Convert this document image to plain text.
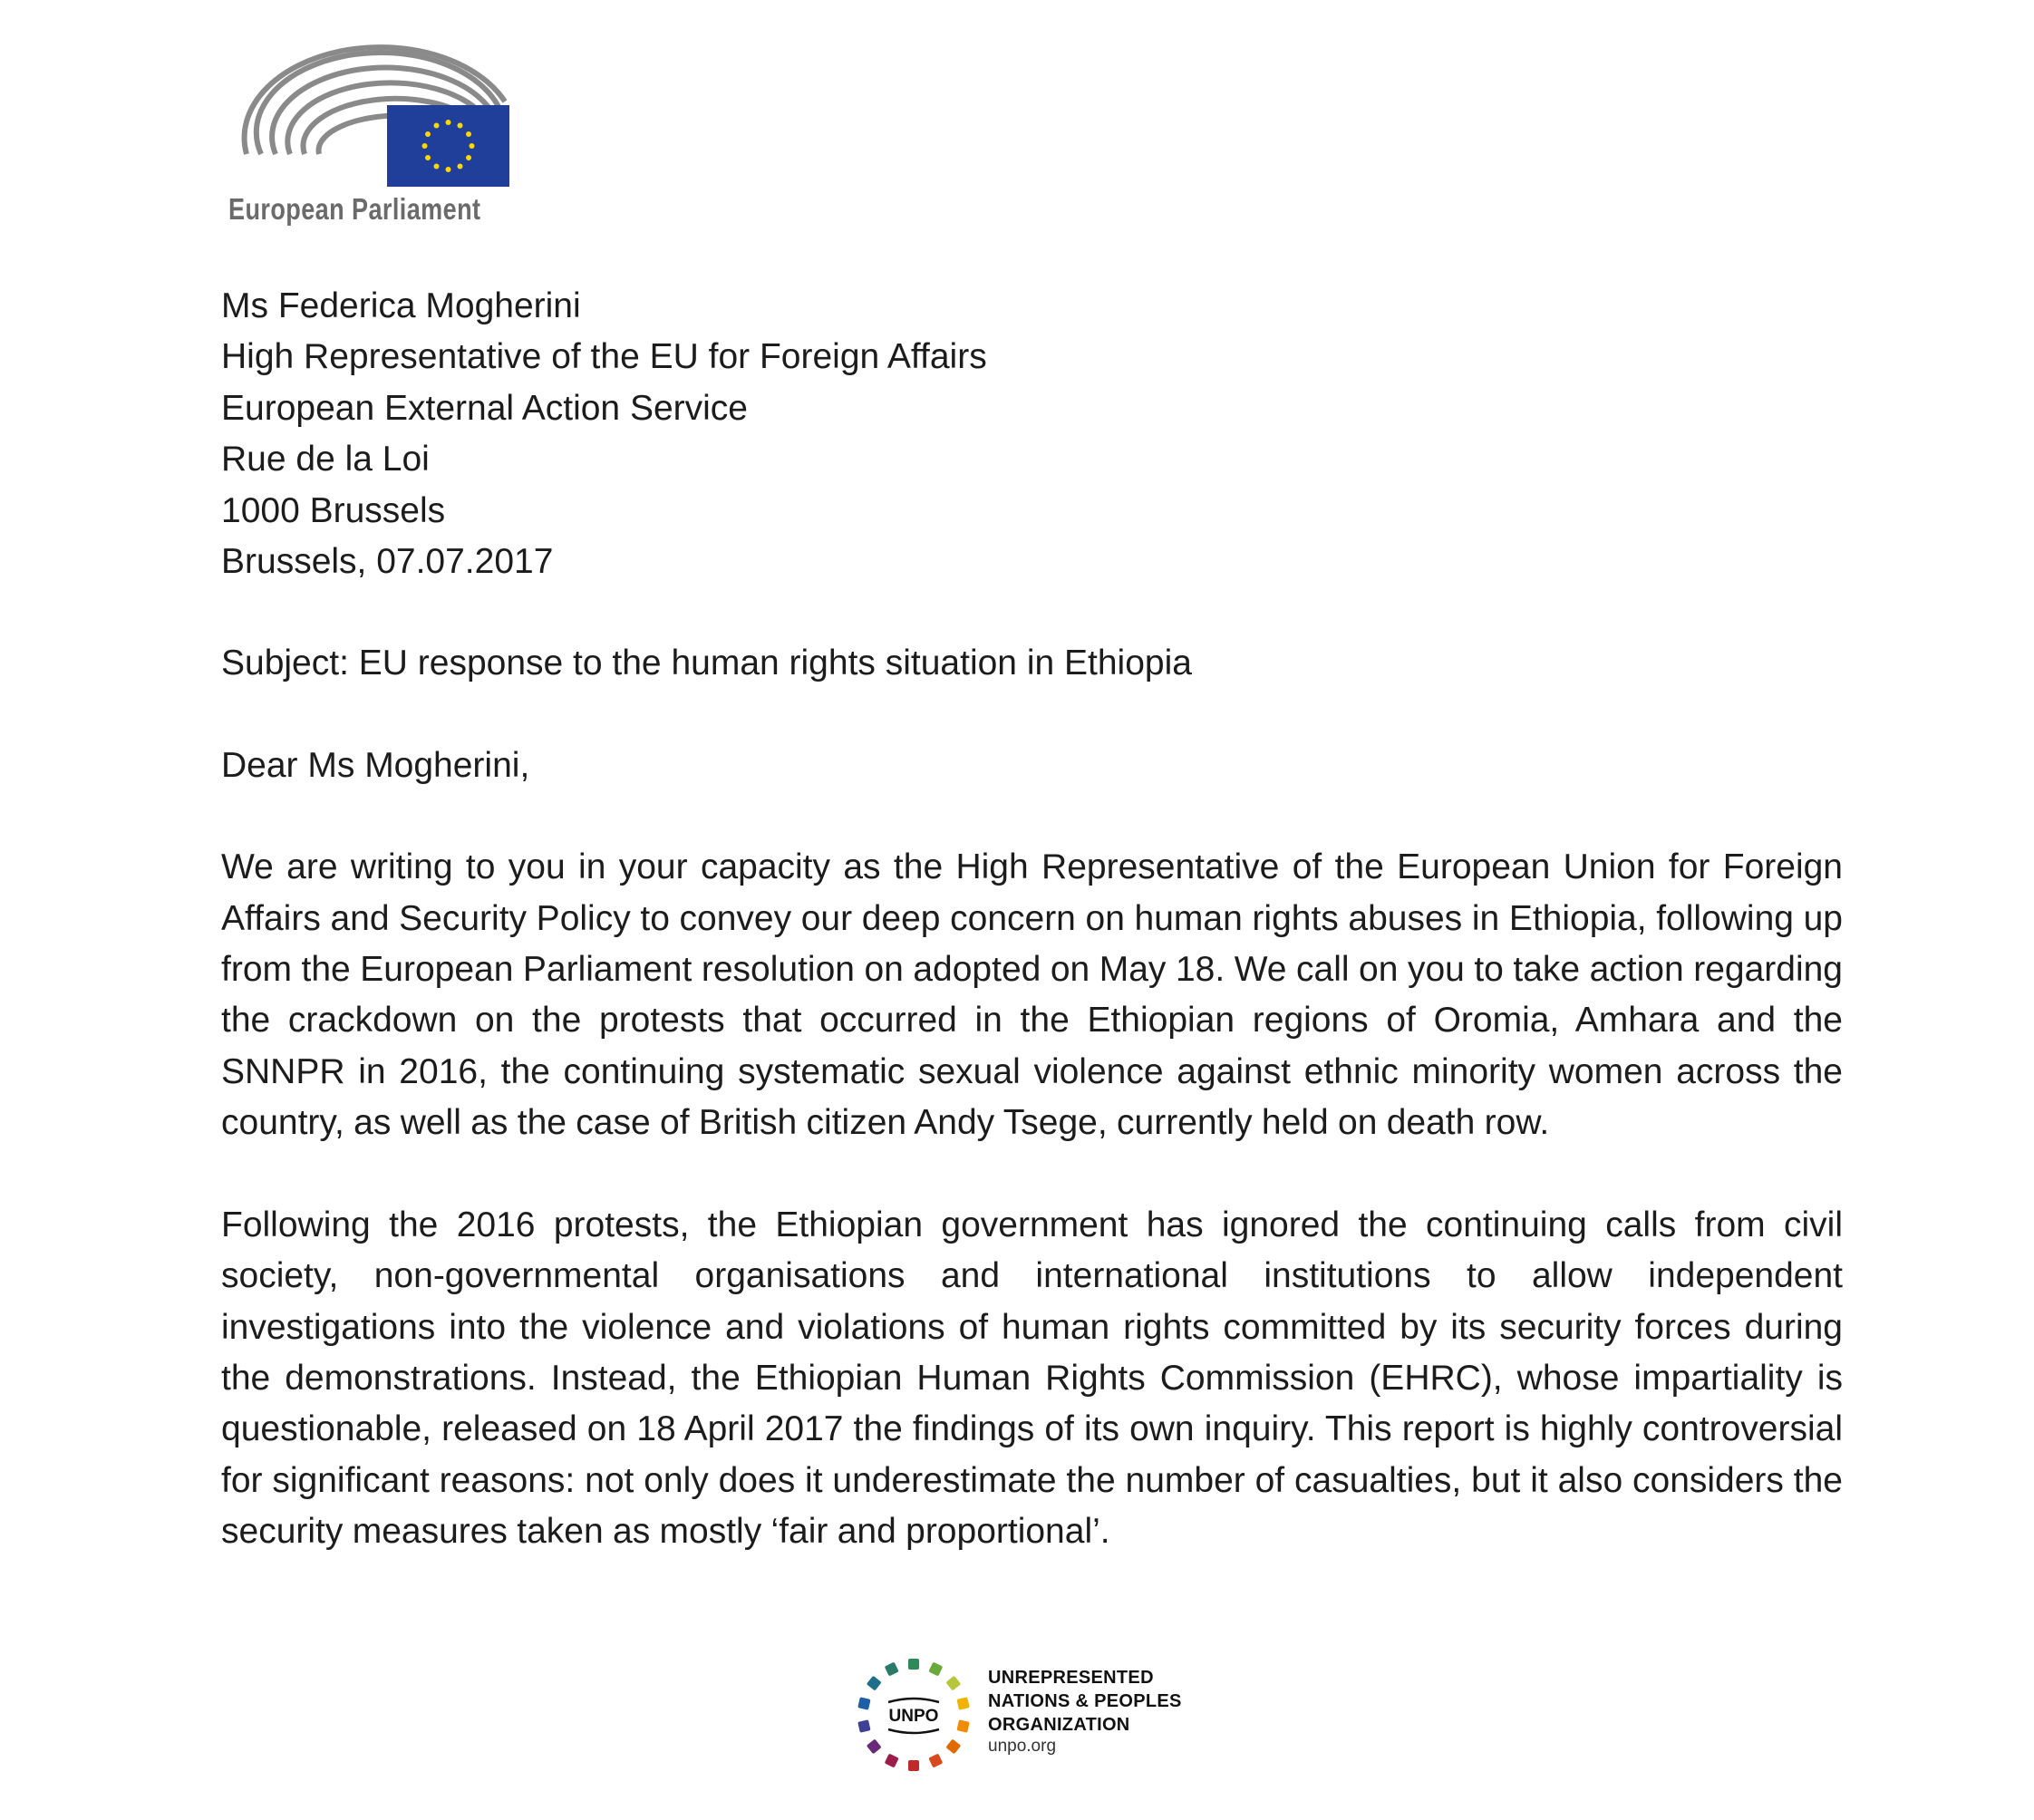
European Parliament
Ms Federica Mogherini
High Representative of the EU for Foreign Affairs
European External Action Service
Rue de la Loi
1000 Brussels
Brussels, 07.07.2017
Subject: EU response to the human rights situation in Ethiopia
Dear Ms Mogherini,

We are writing to you in your capacity as the High Representative of the European Union for Foreign Affairs and Security Policy to convey our deep concern on human rights abuses in Ethiopia, following up from the European Parliament resolution on adopted on May 18. We call on you to take action regarding the crackdown on the protests that occurred in the Ethiopian regions of Oromia, Amhara and the SNNPR in 2016, the continuing systematic sexual violence against ethnic minority women across the country, as well as the case of British citizen Andy Tsege, currently held on death row.

Following the 2016 protests, the Ethiopian government has ignored the continuing calls from civil society, non-governmental organisations and international institutions to allow independent investigations into the violence and violations of human rights committed by its security forces during the demonstrations. Instead, the Ethiopian Human Rights Commission (EHRC), whose impartiality is questionable, released on 18 April 2017 the findings of its own inquiry. This report is highly controversial for significant reasons: not only does it underestimate the number of casualties, but it also considers the security measures taken as mostly ‘fair and proportional’.

UNPO
UNREPRESENTED
NATIONS & PEOPLES
ORGANIZATION
unpo.org
